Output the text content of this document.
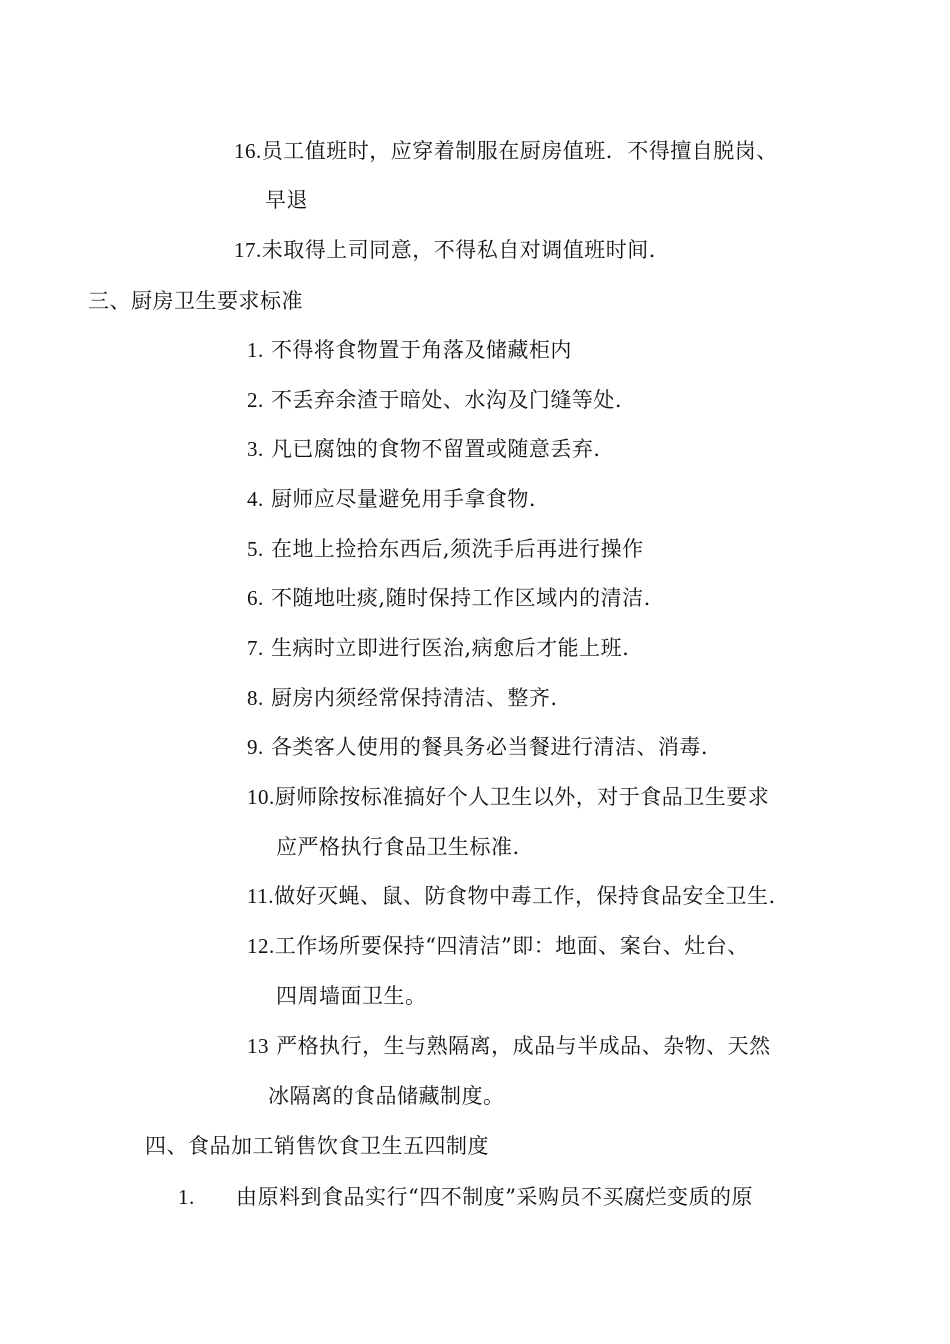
16.员工值班时，应穿着制服在厨房值班．不得擅自脱岗、
早退
17.未取得上司同意，不得私自对调值班时间.
三、厨房卫生要求标准
1. 不得将食物置于角落及储藏柜内
2. 不丢弃余渣于暗处、水沟及门缝等处.
3. 凡已腐蚀的食物不留置或随意丢弃.
4. 厨师应尽量避免用手拿食物.
5. 在地上捡拾东西后,须洗手后再进行操作
6. 不随地吐痰,随时保持工作区域内的清洁.
7. 生病时立即进行医治,病愈后才能上班.
8. 厨房内须经常保持清洁、整齐.
9. 各类客人使用的餐具务必当餐进行清洁、消毒.
10.厨师除按标准搞好个人卫生以外，对于食品卫生要求
应严格执行食品卫生标准.
11.做好灭蝇、鼠、防食物中毒工作，保持食品安全卫生.
12.工作场所要保持“四清洁”即：地面、案台、灶台、
四周墙面卫生。
13 严格执行，生与熟隔离，成品与半成品、杂物、天然
冰隔离的食品储藏制度。
四、食品加工销售饮食卫生五四制度
1. 由原料到食品实行“四不制度”采购员不买腐烂变质的原
